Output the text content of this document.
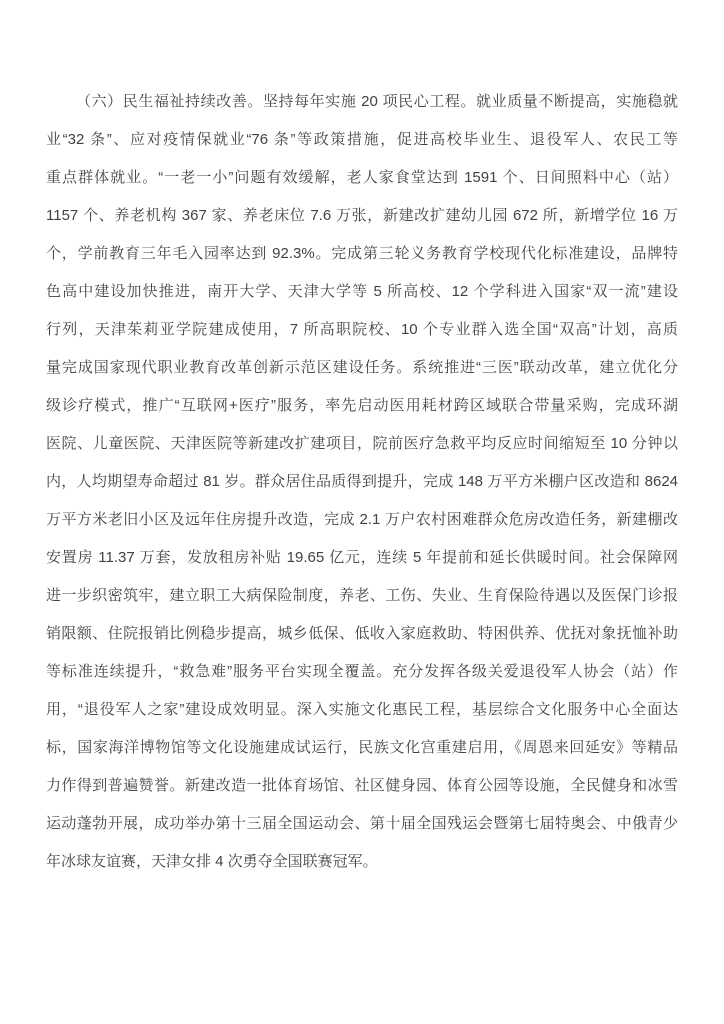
（六）民生福祉持续改善。坚持每年实施 20 项民心工程。就业质量不断提高，实施稳就
业“32 条”、应对疫情保就业“76 条”等政策措施，促进高校毕业生、退役军人、农民工等
重点群体就业。“一老一小”问题有效缓解，老人家食堂达到 1591 个、日间照料中心（站）
1157 个、养老机构 367 家、养老床位 7.6 万张，新建改扩建幼儿园 672 所，新增学位 16 万
个，学前教育三年毛入园率达到 92.3%。完成第三轮义务教育学校现代化标准建设，品牌特
色高中建设加快推进，南开大学、天津大学等 5 所高校、12 个学科进入国家“双一流”建设
行列，天津茱莉亚学院建成使用，7 所高职院校、10 个专业群入选全国“双高”计划，高质
量完成国家现代职业教育改革创新示范区建设任务。系统推进“三医”联动改革，建立优化分
级诊疗模式，推广“互联网+医疗”服务，率先启动医用耗材跨区域联合带量采购，完成环湖
医院、儿童医院、天津医院等新建改扩建项目，院前医疗急救平均反应时间缩短至 10 分钟以
内，人均期望寿命超过 81 岁。群众居住品质得到提升，完成 148 万平方米棚户区改造和 8624
万平方米老旧小区及远年住房提升改造，完成 2.1 万户农村困难群众危房改造任务，新建棚改
安置房 11.37 万套，发放租房补贴 19.65 亿元，连续 5 年提前和延长供暖时间。社会保障网
进一步织密筑牢，建立职工大病保险制度，养老、工伤、失业、生育保险待遇以及医保门诊报
销限额、住院报销比例稳步提高，城乡低保、低收入家庭救助、特困供养、优抚对象抚恤补助
等标准连续提升，“救急难”服务平台实现全覆盖。充分发挥各级关爱退役军人协会（站）作
用，“退役军人之家”建设成效明显。深入实施文化惠民工程，基层综合文化服务中心全面达
标，国家海洋博物馆等文化设施建成试运行，民族文化宫重建启用，《周恩来回延安》等精品
力作得到普遍赞誉。新建改造一批体育场馆、社区健身园、体育公园等设施，全民健身和冰雪
运动蓬勃开展，成功举办第十三届全国运动会、第十届全国残运会暨第七届特奥会、中俄青少
年冰球友谊赛，天津女排 4 次勇夺全国联赛冠军。
